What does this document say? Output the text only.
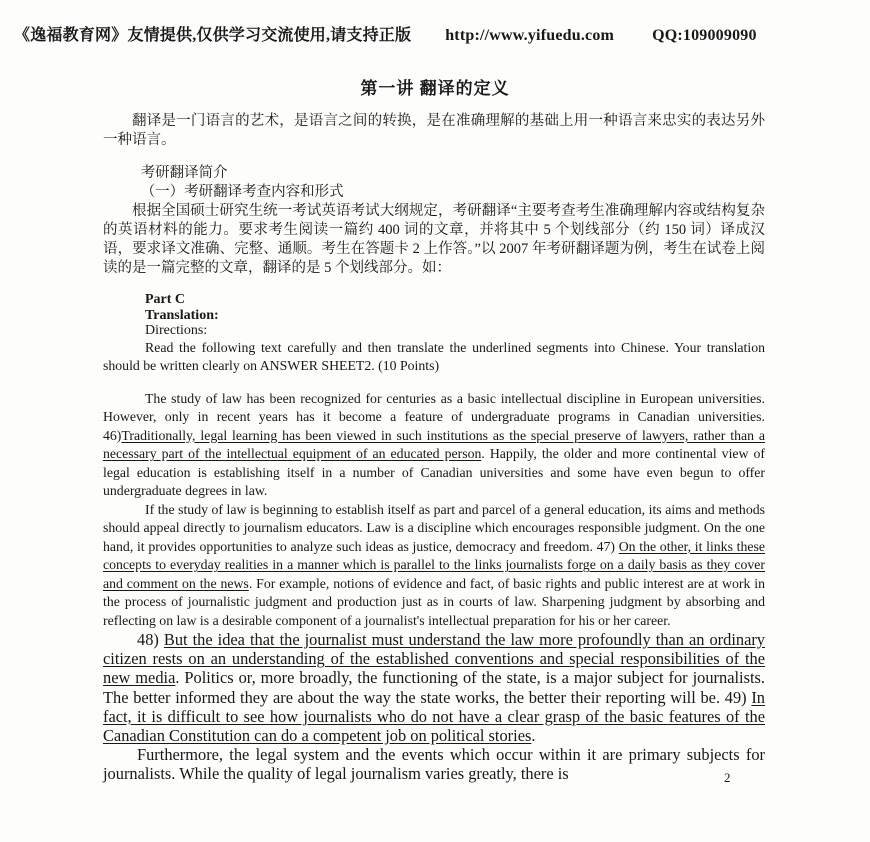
《逸福教育网》友情提供,仅供学习交流使用,请支持正版 http://www.yifuedu.com QQ:109009090
第一讲 翻译的定义

翻译是一门语言的艺术，是语言之间的转换，是在准确理解的基础上用一种语言来忠实的表达另外一种语言。

考研翻译简介

（一）考研翻译考查内容和形式

根据全国硕士研究生统一考试英语考试大纲规定，考研翻译“主要考查考生准确理解内容或结构复杂的英语材料的能力。要求考生阅读一篇约 400 词的文章，并将其中 5 个划线部分（约 150 词）译成汉语，要求译文准确、完整、通顺。考生在答题卡 2 上作答。”以 2007 年考研翻译题为例，考生在试卷上阅读的是一篇完整的文章，翻译的是 5 个划线部分。如：

Part C

Translation:

Directions:

Read the following text carefully and then translate the underlined segments into Chinese. Your translation should be written clearly on ANSWER SHEET2. (10 Points)

The study of law has been recognized for centuries as a basic intellectual discipline in European universities. However, only in recent years has it become a feature of undergraduate programs in Canadian universities. 46)Traditionally, legal learning has been viewed in such institutions as the special preserve of lawyers, rather than a necessary part of the intellectual equipment of an educated person. Happily, the older and more continental view of legal education is establishing itself in a number of Canadian universities and some have even begun to offer undergraduate degrees in law.

If the study of law is beginning to establish itself as part and parcel of a general education, its aims and methods should appeal directly to journalism educators. Law is a discipline which encourages responsible judgment. On the one hand, it provides opportunities to analyze such ideas as justice, democracy and freedom. 47) On the other, it links these concepts to everyday realities in a manner which is parallel to the links journalists forge on a daily basis as they cover and comment on the news. For example, notions of evidence and fact, of basic rights and public interest are at work in the process of journalistic judgment and production just as in courts of law. Sharpening judgment by absorbing and reflecting on law is a desirable component of a journalist's intellectual preparation for his or her career.

48) But the idea that the journalist must understand the law more profoundly than an ordinary citizen rests on an understanding of the established conventions and special responsibilities of the new media. Politics or, more broadly, the functioning of the state, is a major subject for journalists. The better informed they are about the way the state works, the better their reporting will be. 49) In fact, it is difficult to see how journalists who do not have a clear grasp of the basic features of the Canadian Constitution can do a competent job on political stories.

Furthermore, the legal system and the events which occur within it are primary subjects for journalists. While the quality of legal journalism varies greatly, there is	2
